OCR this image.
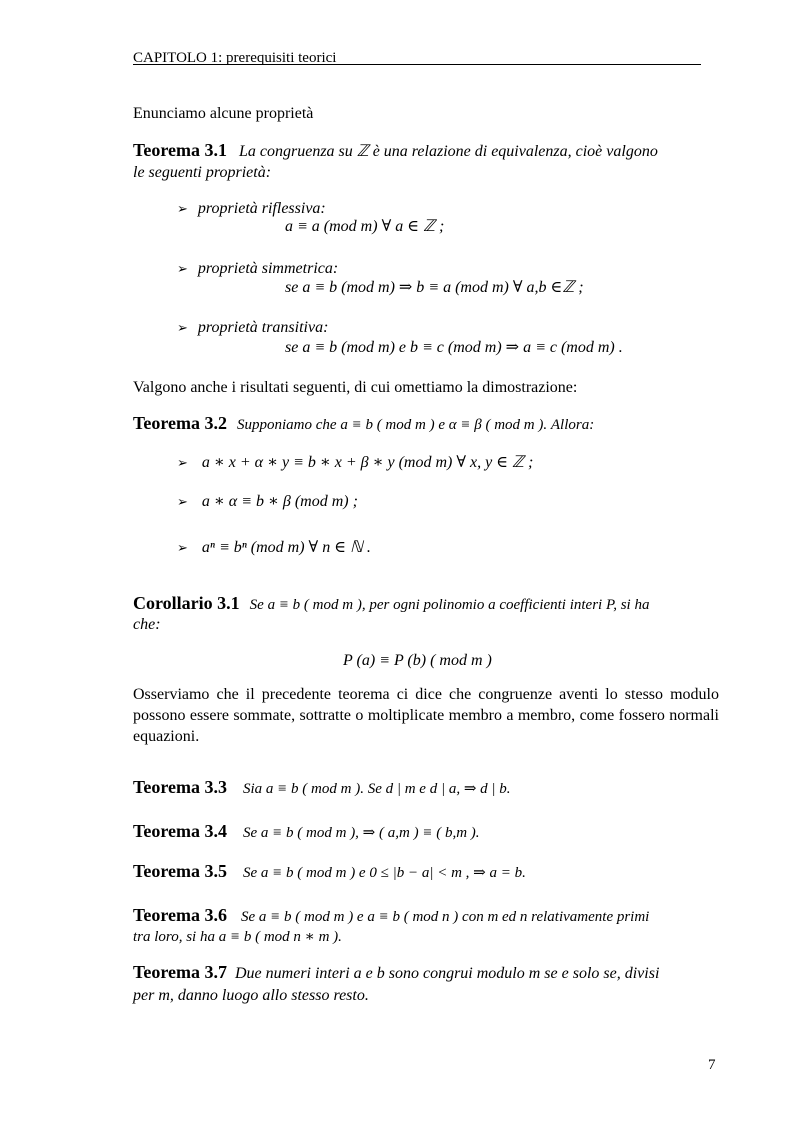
CAPITOLO 1: prerequisiti teorici
Enunciamo alcune proprietà
Teorema 3.1 La congruenza su ℤ è una relazione di equivalenza, cioè valgono
le seguenti proprietà:
➢ proprietà riflessiva:
a ≡ a (mod m) ∀ a ∈ ℤ ;
➢ proprietà simmetrica:
se a ≡ b (mod m) ⇒ b ≡ a (mod m) ∀ a,b ∈ℤ ;
➢ proprietà transitiva:
se a ≡ b (mod m) e b ≡ c (mod m) ⇒ a ≡ c (mod m) .
Valgono anche i risultati seguenti, di cui omettiamo la dimostrazione:
Teorema 3.2 Supponiamo che a ≡ b ( mod m ) e α ≡ β ( mod m ). Allora:
➢ a ∗ x + α ∗ y ≡ b ∗ x + β ∗ y (mod m) ∀ x, y ∈ ℤ ;
➢ a ∗ α ≡ b ∗ β (mod m) ;
➢ aⁿ ≡ bⁿ (mod m) ∀ n ∈ ℕ .
Corollario 3.1 Se a ≡ b ( mod m ), per ogni polinomio a coefficienti interi P, si ha
che:
P (a) ≡ P (b) ( mod m )
Osserviamo che il precedente teorema ci dice che congruenze aventi lo stesso modulo possono essere sommate, sottratte o moltiplicate membro a membro, come fossero normali equazioni.
Teorema 3.3 Sia a ≡ b ( mod m ). Se d | m e d | a, ⇒ d | b.
Teorema 3.4 Se a ≡ b ( mod m ), ⇒ ( a,m ) ≡ ( b,m ).
Teorema 3.5 Se a ≡ b ( mod m ) e 0 ≤ |b − a| < m , ⇒ a = b.
Teorema 3.6 Se a ≡ b ( mod m ) e a ≡ b ( mod n ) con m ed n relativamente primi
tra loro, si ha a ≡ b ( mod n ∗ m ).
Teorema 3.7 Due numeri interi a e b sono congrui modulo m se e solo se, divisi
per m, danno luogo allo stesso resto.
7
